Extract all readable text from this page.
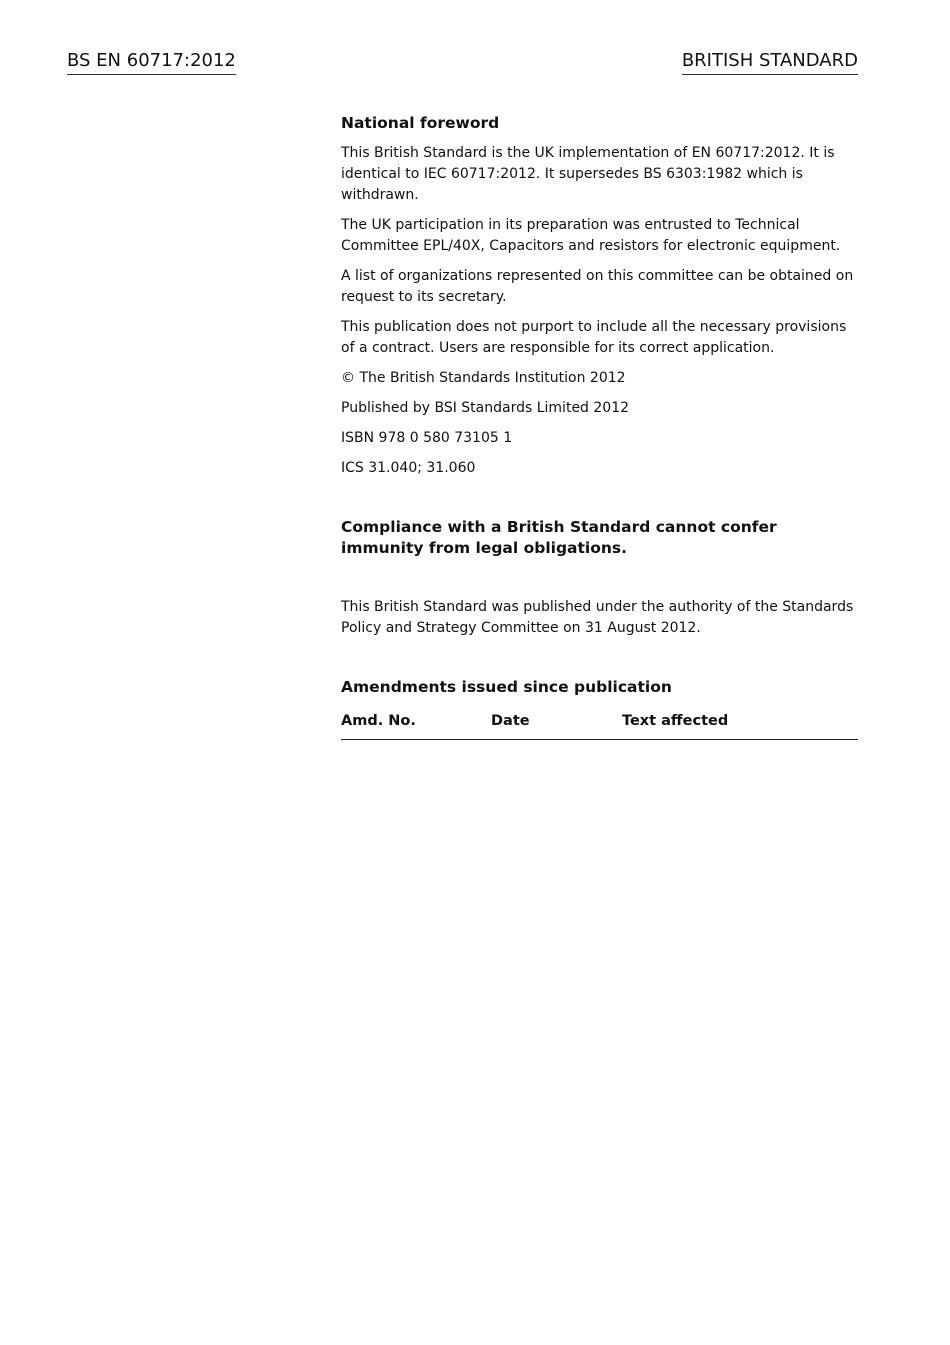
BS EN 60717:2012	BRITISH STANDARD

National foreword

This British Standard is the UK implementation of EN 60717:2012. It is identical to IEC 60717:2012. It supersedes BS 6303:1982 which is withdrawn.

The UK participation in its preparation was entrusted to Technical Committee EPL/40X, Capacitors and resistors for electronic equipment.

A list of organizations represented on this committee can be obtained on request to its secretary.

This publication does not purport to include all the necessary provisions of a contract. Users are responsible for its correct application.

© The British Standards Institution 2012

Published by BSI Standards Limited 2012

ISBN 978 0 580 73105 1

ICS 31.040; 31.060

Compliance with a British Standard cannot confer immunity from legal obligations.

This British Standard was published under the authority of the Standards Policy and Strategy Committee on 31 August 2012.

Amendments issued since publication

Amd. No.	Date	Text affected
